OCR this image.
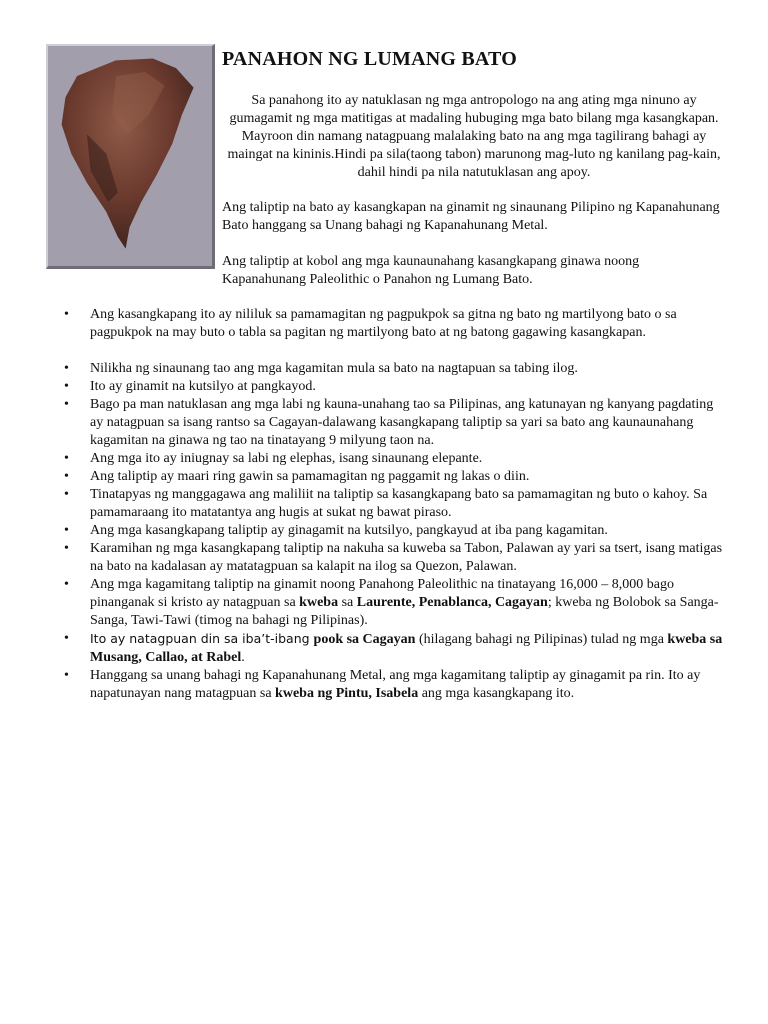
PANAHON NG LUMANG BATO

Sa panahong ito ay natuklasan ng mga antropologo na ang ating mga ninuno ay gumagamit ng mga matitigas at madaling hubuging mga bato bilang mga kasangkapan. Mayroon din namang natagpuang malalaking bato na ang mga tagilirang bahagi ay maingat na kininis.Hindi pa sila(taong tabon) marunong mag-luto ng kanilang pag-kain, dahil hindi pa nila natutuklasan ang apoy.

Ang taliptip na bato ay kasangkapan na ginamit ng sinaunang Pilipino ng Kapanahunang Bato hanggang sa Unang bahagi ng Kapanahunang Metal.

Ang taliptip at kobol ang mga kaunaunahang kasangkapang ginawa noong Kapanahunang Paleolithic o Panahon ng Lumang Bato.

• Ang kasangkapang ito ay nililuk sa pamamagitan ng pagpukpok sa gitna ng bato ng martilyong bato o sa pagpukpok na may buto o tabla sa pagitan ng martilyong bato at ng batong gagawing kasangkapan.
• Nilikha ng sinaunang tao ang mga kagamitan mula sa bato na nagtapuan sa tabing ilog.
• Ito ay ginamit na kutsilyo at pangkayod.
• Bago pa man natuklasan ang mga labi ng kauna-unahang tao sa Pilipinas, ang katunayan ng kanyang pagdating ay natagpuan sa isang rantso sa Cagayan-dalawang kasangkapang taliptip sa yari sa bato ang kaunaunahang kagamitan na ginawa ng tao na tinatayang 9 milyung taon na.
• Ang mga ito ay iniugnay sa labi ng elephas, isang sinaunang elepante.
• Ang taliptip ay maari ring gawin sa pamamagitan ng paggamit ng lakas o diin.
• Tinatapyas ng manggagawa ang maliliit na taliptip sa kasangkapang bato sa pamamagitan ng buto o kahoy. Sa pamamaraang ito matatantya ang hugis at sukat ng bawat piraso.
• Ang mga kasangkapang taliptip ay ginagamit na kutsilyo, pangkayud at iba pang kagamitan.
• Karamihan ng mga kasangkapang taliptip na nakuha sa kuweba sa Tabon, Palawan ay yari sa tsert, isang matigas na bato na kadalasan ay matatagpuan sa kalapit na ilog sa Quezon, Palawan.
• Ang mga kagamitang taliptip na ginamit noong Panahong Paleolithic na tinatayang 16,000 – 8,000 bago pinanganak si kristo ay natagpuan sa kweba sa Laurente, Penablanca, Cagayan; kweba ng Bolobok sa Sanga-Sanga, Tawi-Tawi (timog na bahagi ng Pilipinas).
• Ito ay natagpuan din sa iba’t-ibang pook sa Cagayan (hilagang bahagi ng Pilipinas) tulad ng mga kweba sa Musang, Callao, at Rabel.
• Hanggang sa unang bahagi ng Kapanahunang Metal, ang mga kagamitang taliptip ay ginagamit pa rin. Ito ay napatunayan nang matagpuan sa kweba ng Pintu, Isabela ang mga kasangkapang ito.
